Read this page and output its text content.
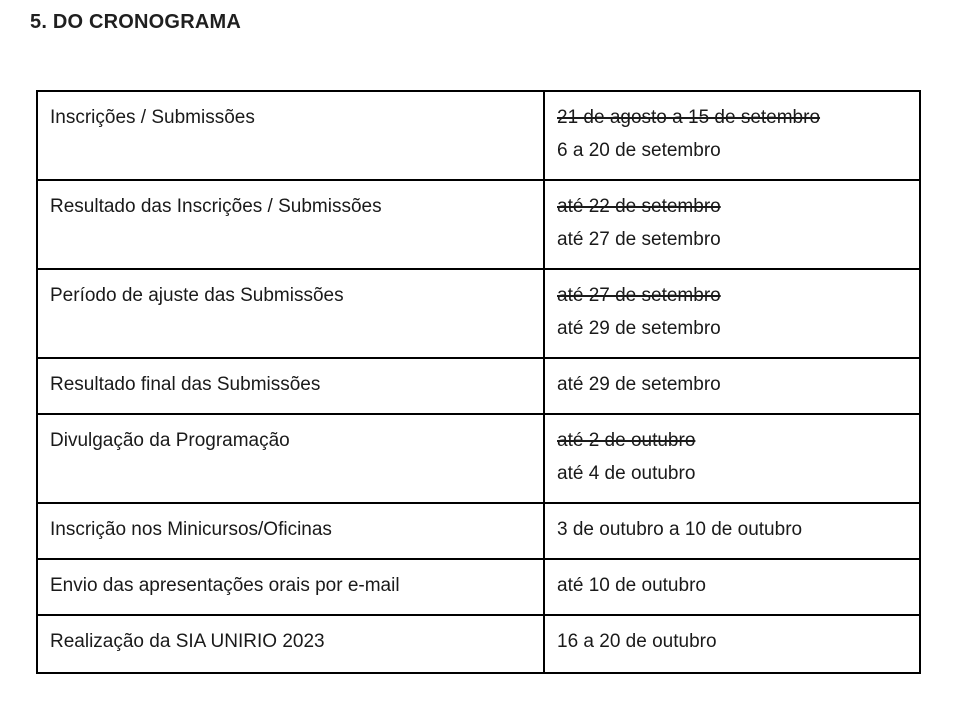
5. DO CRONOGRAMA
Inscrições / Submissões	21 de agosto a 15 de setembro
6 a 20 de setembro
Resultado das Inscrições / Submissões	até 22 de setembro
até 27 de setembro
Período de ajuste das Submissões	até 27 de setembro
até 29 de setembro
Resultado final das Submissões	até 29 de setembro
Divulgação da Programação	até 2 de outubro
até 4 de outubro
Inscrição nos Minicursos/Oficinas	3 de outubro a 10 de outubro
Envio das apresentações orais por e-mail	até 10 de outubro
Realização da SIA UNIRIO 2023	16 a 20 de outubro
